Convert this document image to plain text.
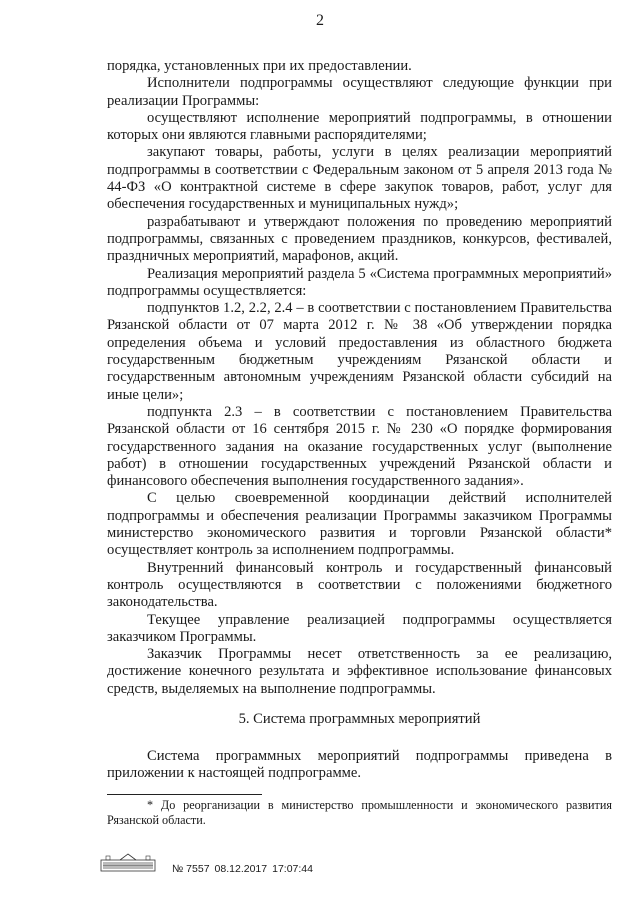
2

порядка, установленных при их предоставлении.

Исполнители подпрограммы осуществляют следующие функции при реализации Программы:

осуществляют исполнение мероприятий подпрограммы, в отношении которых они являются главными распорядителями;

закупают товары, работы, услуги в целях реализации мероприятий подпрограммы в соответствии с Федеральным законом от 5 апреля 2013 года № 44-ФЗ «О контрактной системе в сфере закупок товаров, работ, услуг для обеспечения государственных и муниципальных нужд»;

разрабатывают и утверждают положения по проведению мероприятий подпрограммы, связанных с проведением праздников, конкурсов, фестивалей, праздничных мероприятий, марафонов, акций.

Реализация мероприятий раздела 5 «Система программных мероприятий» подпрограммы осуществляется:

подпунктов 1.2, 2.2, 2.4 – в соответствии с постановлением Правительства Рязанской области от 07 марта 2012 г. № 38 «Об утверждении порядка определения объема и условий предоставления из областного бюджета государственным бюджетным учреждениям Рязанской области и государственным автономным учреждениям Рязанской области субсидий на иные цели»;

подпункта 2.3 – в соответствии с постановлением Правительства Рязанской области от 16 сентября 2015 г. № 230 «О порядке формирования государственного задания на оказание государственных услуг (выполнение работ) в отношении государственных учреждений Рязанской области и финансового обеспечения выполнения государственного задания».

С целью своевременной координации действий исполнителей подпрограммы и обеспечения реализации Программы заказчиком Программы министерство экономического развития и торговли Рязанской области* осуществляет контроль за исполнением подпрограммы.

Внутренний финансовый контроль и государственный финансовый контроль осуществляются в соответствии с положениями бюджетного законодательства.

Текущее управление реализацией подпрограммы осуществляется заказчиком Программы.

Заказчик Программы несет ответственность за ее реализацию, достижение конечного результата и эффективное использование финансовых средств, выделяемых на выполнение подпрограммы.

5. Система программных мероприятий

Система программных мероприятий подпрограммы приведена в приложении к настоящей подпрограмме.

* До реорганизации в министерство промышленности и экономического развития Рязанской области.

№ 7557 08.12.2017 17:07:44
